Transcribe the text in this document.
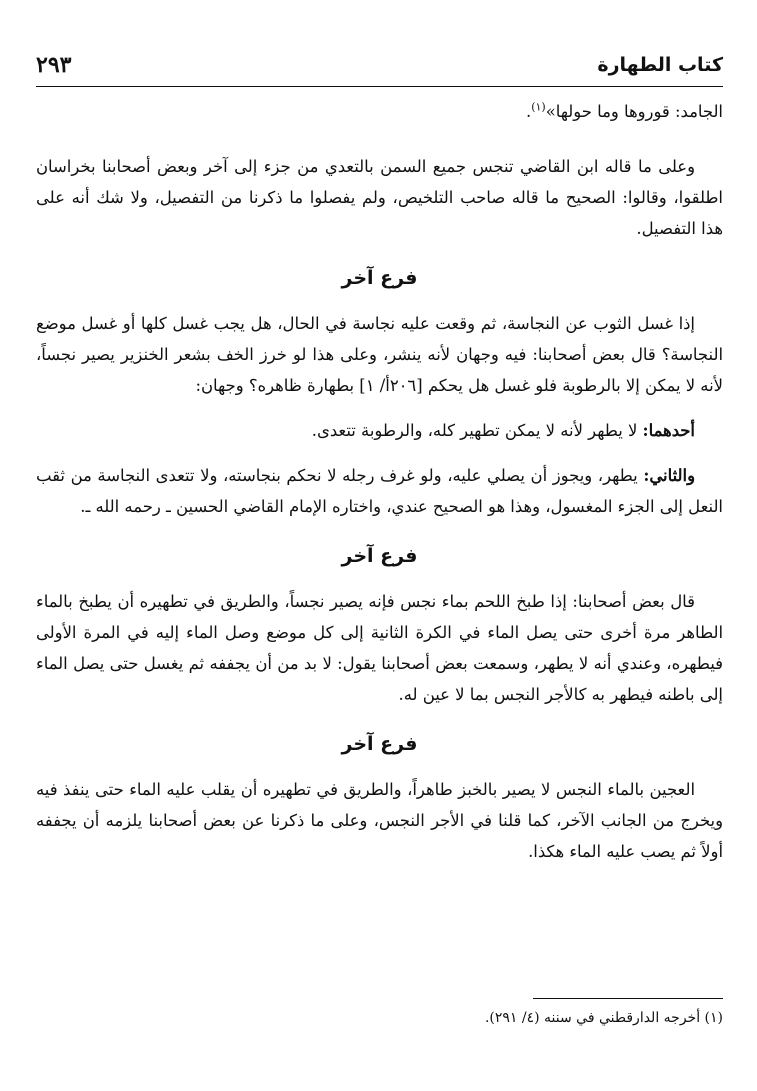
كتاب الطهارة
٢٩٣

الجامد: قوروها وما حولها»$^{(١)}$.

وعلى ما قاله ابن القاضي تنجس جميع السمن بالتعدي من جزء إلى آخر وبعض أصحابنا بخراسان اطلقوا، وقالوا: الصحيح ما قاله صاحب التلخيص، ولم يفصلوا ما ذكرنا من التفصيل، ولا شك أنه على هذا التفصيل.

فرع آخر

إذا غسل الثوب عن النجاسة، ثم وقعت عليه نجاسة في الحال، هل يجب غسل كلها أو غسل موضع النجاسة؟ قال بعض أصحابنا: فيه وجهان لأنه ينشر، وعلى هذا لو خرز الخف بشعر الخنزير يصير نجساً، لأنه لا يمكن إلا بالرطوبة فلو غسل هل يحكم [٢٠٦أ/ ١] بطهارة ظاهره؟ وجهان:

أحدهما: لا يطهر لأنه لا يمكن تطهير كله، والرطوبة تتعدى.

والثاني: يطهر، ويجوز أن يصلي عليه، ولو غرف رجله لا نحكم بنجاسته، ولا تتعدى النجاسة من ثقب النعل إلى الجزء المغسول، وهذا هو الصحيح عندي، واختاره الإمام القاضي الحسين ـ رحمه الله ـ.

فرع آخر

قال بعض أصحابنا: إذا طبخ اللحم بماء نجس فإنه يصير نجساً، والطريق في تطهيره أن يطبخ بالماء الطاهر مرة أخرى حتى يصل الماء في الكرة الثانية إلى كل موضع وصل الماء إليه في المرة الأولى فيطهره، وعندي أنه لا يطهر، وسمعت بعض أصحابنا يقول: لا بد من أن يجففه ثم يغسل حتى يصل الماء إلى باطنه فيطهر به كالأجر النجس بما لا عين له.

فرع آخر

العجين بالماء النجس لا يصير بالخبز طاهراً، والطريق في تطهيره أن يقلب عليه الماء حتى ينفذ فيه ويخرج من الجانب الآخر، كما قلنا في الأجر النجس، وعلى ما ذكرنا عن بعض أصحابنا يلزمه أن يجففه أولاً ثم يصب عليه الماء هكذا.

(١) أخرجه الدارقطني في سننه (٤/ ٢٩١).
